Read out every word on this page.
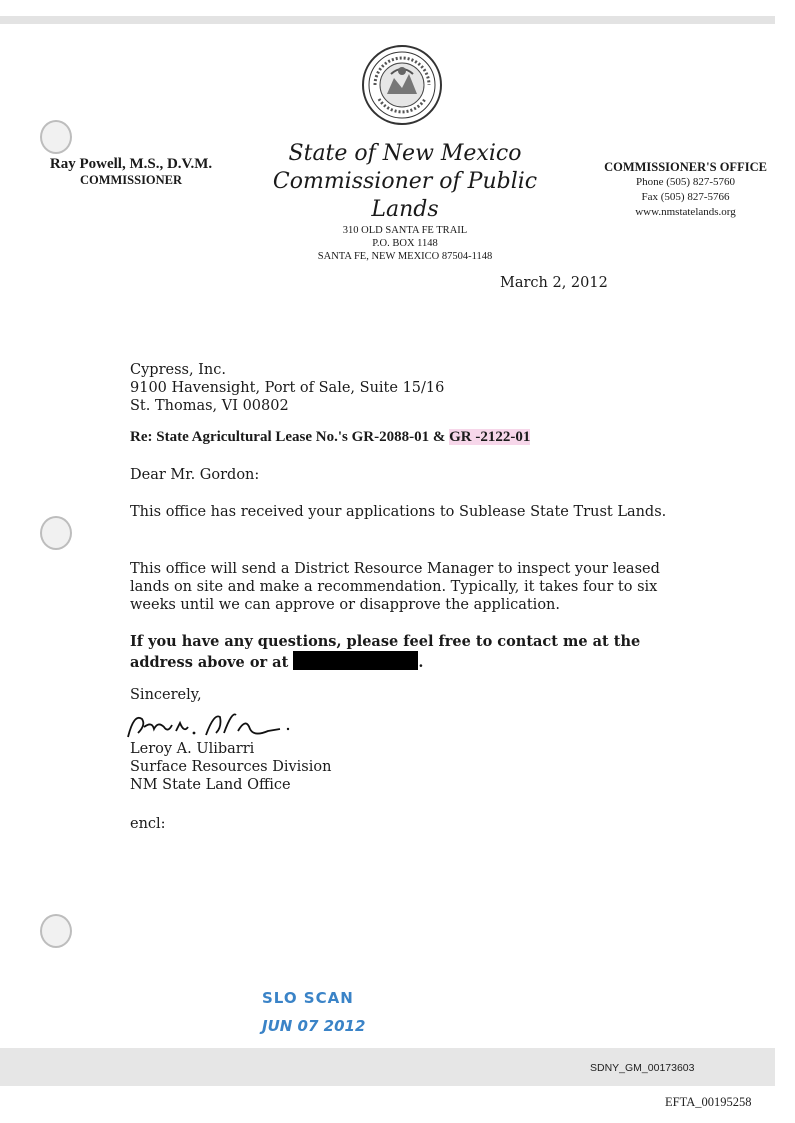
Ray Powell, M.S., D.V.M.
COMMISSIONER
State of New Mexico
Commissioner of Public Lands
310 OLD SANTA FE TRAIL
P.O. BOX 1148
SANTA FE, NEW MEXICO 87504-1148
COMMISSIONER'S OFFICE
Phone (505) 827-5760
Fax (505) 827-5766
www.nmstatelands.org
March 2, 2012
Cypress, Inc.
9100 Havensight, Port of Sale, Suite 15/16
St. Thomas, VI 00802
Re: State Agricultural Lease No.'s GR-2088-01 & GR -2122-01
Dear Mr. Gordon:
This office has received your applications to Sublease State Trust Lands.
This office will send a District Resource Manager to inspect your leased
lands on site and make a recommendation. Typically, it takes four to six
weeks until we can approve or disapprove the application.
If you have any questions, please feel free to contact me at the
address above or at	.
Sincerely,
Leroy A. Ulibarri
Surface Resources Division
NM State Land Office
encl:
SLO SCAN
JUN 07 2012
SDNY_GM_00173603
EFTA_00195258
